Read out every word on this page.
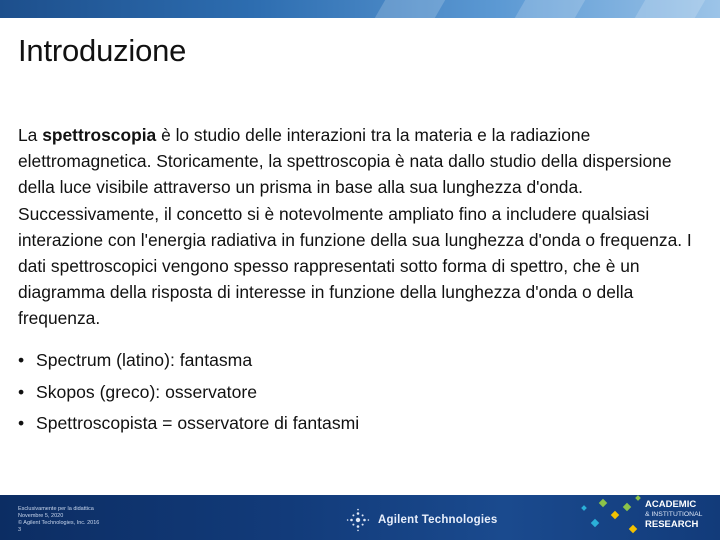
Introduzione
La spettroscopia è lo studio delle interazioni tra la materia e la radiazione elettromagnetica. Storicamente, la spettroscopia è nata dallo studio della dispersione della luce visibile attraverso un prisma in base alla sua lunghezza d'onda. Successivamente, il concetto si è notevolmente ampliato fino a includere qualsiasi interazione con l'energia radiativa in funzione della sua lunghezza d'onda o frequenza. I dati spettroscopici vengono spesso rappresentati sotto forma di spettro, che è un diagramma della risposta di interesse in funzione della lunghezza d'onda o della frequenza.
• Spectrum (latino): fantasma
• Skopos (greco): osservatore
• Spettroscopista = osservatore di fantasmi
Esclusivamente per la didattica
Novembre 5, 2020
© Agilent Technologies, Inc. 2016
3
Agilent Technologies
ACADEMIC
& INSTITUTIONAL
RESEARCH
